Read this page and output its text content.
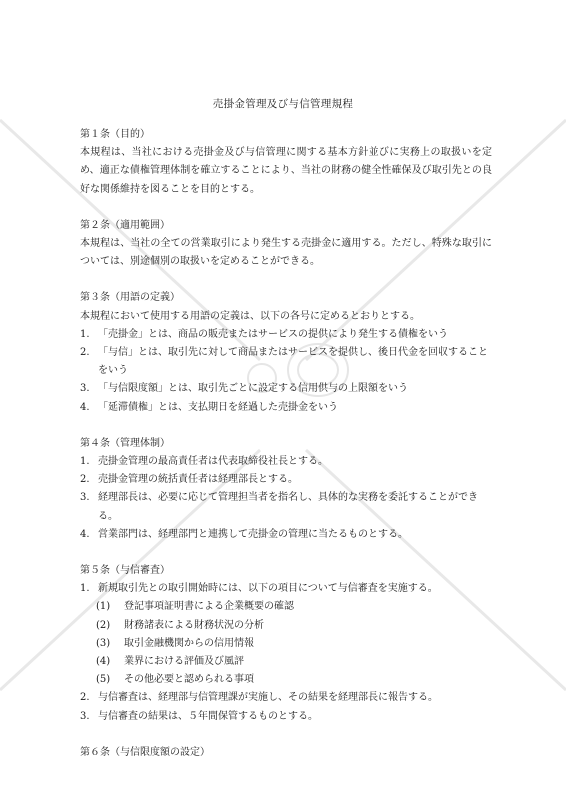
売掛金管理及び与信管理規程
第１条（目的）
本規程は、当社における売掛金及び与信管理に関する基本方針並びに実務上の取扱いを定め、適正な債権管理体制を確立することにより、当社の財務の健全性確保及び取引先との良好な関係維持を図ることを目的とする。
第２条（適用範囲）
本規程は、当社の全ての営業取引により発生する売掛金に適用する。ただし、特殊な取引については、別途個別の取扱いを定めることができる。
第３条（用語の定義）
本規程において使用する用語の定義は、以下の各号に定めるとおりとする。
1. 「売掛金」とは、商品の販売またはサービスの提供により発生する債権をいう
2. 「与信」とは、取引先に対して商品またはサービスを提供し、後日代金を回収することをいう
3. 「与信限度額」とは、取引先ごとに設定する信用供与の上限額をいう
4. 「延滞債権」とは、支払期日を経過した売掛金をいう
第４条（管理体制）
1. 売掛金管理の最高責任者は代表取締役社長とする。
2. 売掛金管理の統括責任者は経理部長とする。
3. 経理部長は、必要に応じて管理担当者を指名し、具体的な実務を委託することができる。
4. 営業部門は、経理部門と連携して売掛金の管理に当たるものとする。
第５条（与信審査）
1. 新規取引先との取引開始時には、以下の項目について与信審査を実施する。
(1) 登記事項証明書による企業概要の確認
(2) 財務諸表による財務状況の分析
(3) 取引金融機関からの信用情報
(4) 業界における評価及び風評
(5) その他必要と認められる事項
2. 与信審査は、経理部与信管理課が実施し、その結果を経理部長に報告する。
3. 与信審査の結果は、５年間保管するものとする。
第６条（与信限度額の設定）
